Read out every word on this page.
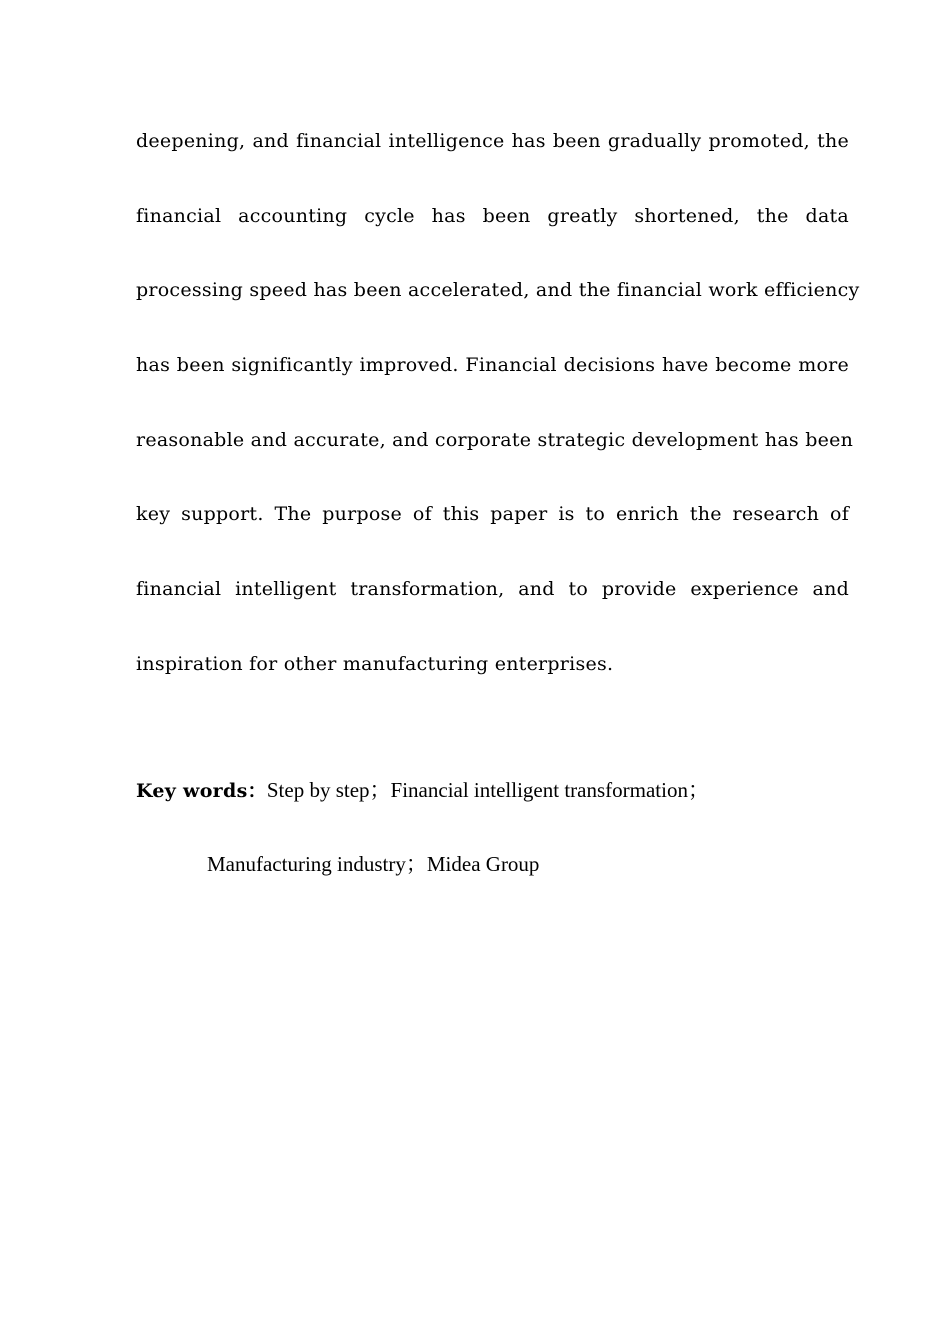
deepening, and financial intelligence has been gradually promoted, the
financial accounting cycle has been greatly shortened, the data
processing speed has been accelerated, and the financial work efficiency
has been significantly improved. Financial decisions have become more
reasonable and accurate, and corporate strategic development has been
key support. The purpose of this paper is to enrich the research of
financial intelligent transformation, and to provide experience and
inspiration for other manufacturing enterprises.
Key words：Step by step；Financial intelligent transformation；
Manufacturing industry；Midea Group
